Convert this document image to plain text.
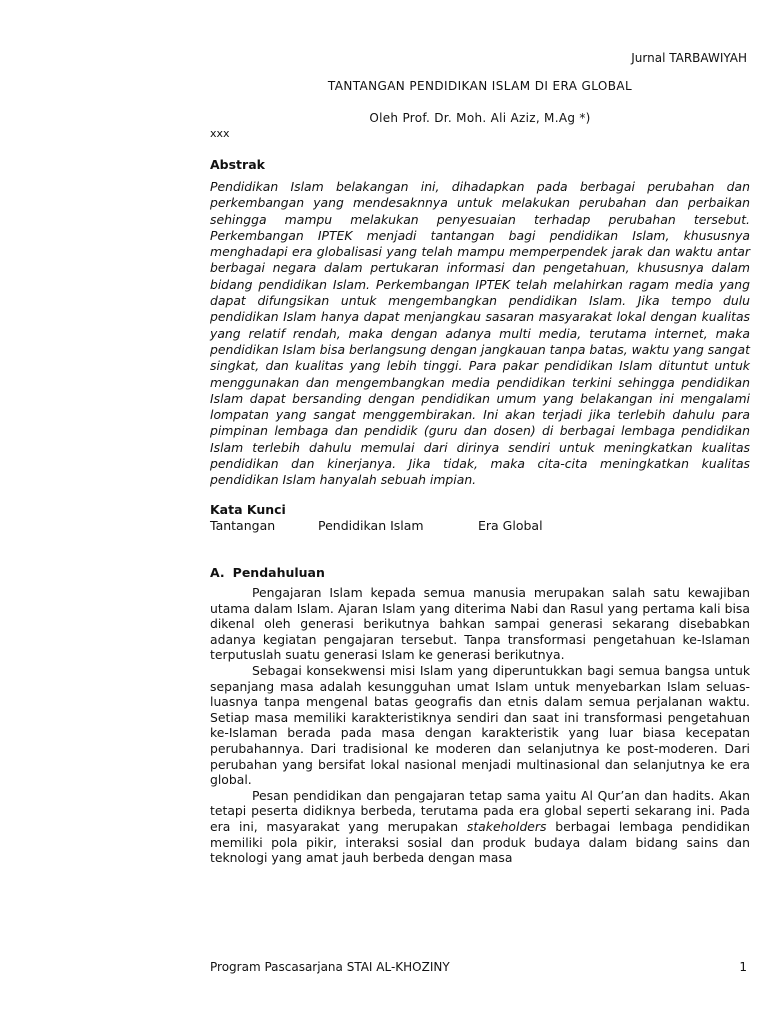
Jurnal TARBAWIYAH
TANTANGAN PENDIDIKAN ISLAM DI ERA GLOBAL
Oleh Prof. Dr. Moh. Ali Aziz, M.Ag *)
xxx
Abstrak

Pendidikan Islam belakangan ini, dihadapkan pada berbagai perubahan dan perkembangan yang mendesaknnya untuk melakukan perubahan dan perbaikan sehingga mampu melakukan penyesuaian terhadap perubahan tersebut. Perkembangan IPTEK menjadi tantangan bagi pendidikan Islam, khususnya menghadapi era globalisasi yang telah mampu memperpendek jarak dan waktu antar berbagai negara dalam pertukaran informasi dan pengetahuan, khususnya dalam bidang pendidikan Islam. Perkembangan IPTEK telah melahirkan ragam media yang dapat difungsikan untuk mengembangkan pendidikan Islam. Jika tempo dulu pendidikan Islam hanya dapat menjangkau sasaran masyarakat lokal dengan kualitas yang relatif rendah, maka dengan adanya multi media, terutama internet, maka pendidikan Islam bisa berlangsung dengan jangkauan tanpa batas, waktu yang sangat singkat, dan kualitas yang lebih tinggi. Para pakar pendidikan Islam dituntut untuk menggunakan dan mengembangkan media pendidikan terkini sehingga pendidikan Islam dapat bersanding dengan pendidikan umum yang belakangan ini mengalami lompatan yang sangat menggembirakan. Ini akan terjadi jika terlebih dahulu para pimpinan lembaga dan pendidik (guru dan dosen) di berbagai lembaga pendidikan Islam terlebih dahulu memulai dari dirinya sendiri untuk meningkatkan kualitas pendidikan dan kinerjanya. Jika tidak, maka cita-cita meningkatkan kualitas pendidikan Islam hanyalah sebuah impian.

Kata Kunci
Tantangan	Pendidikan Islam	Era Global
A. Pendahuluan

Pengajaran Islam kepada semua manusia merupakan salah satu kewajiban utama dalam Islam. Ajaran Islam yang diterima Nabi dan Rasul yang pertama kali bisa dikenal oleh generasi berikutnya bahkan sampai generasi sekarang disebabkan adanya kegiatan pengajaran tersebut. Tanpa transformasi pengetahuan ke-Islaman terputuslah suatu generasi Islam ke generasi berikutnya.

Sebagai konsekwensi misi Islam yang diperuntukkan bagi semua bangsa untuk sepanjang masa adalah kesungguhan umat Islam untuk menyebarkan Islam seluas-luasnya tanpa mengenal batas geografis dan etnis dalam semua perjalanan waktu. Setiap masa memiliki karakteristiknya sendiri dan saat ini transformasi pengetahuan ke-Islaman berada pada masa dengan karakteristik yang luar biasa kecepatan perubahannya. Dari tradisional ke moderen dan selanjutnya ke post-moderen. Dari perubahan yang bersifat lokal nasional menjadi multinasional dan selanjutnya ke era global.

Pesan pendidikan dan pengajaran tetap sama yaitu Al Qur’an dan hadits. Akan tetapi peserta didiknya berbeda, terutama pada era global seperti sekarang ini. Pada era ini, masyarakat yang merupakan stakeholders berbagai lembaga pendidikan memiliki pola pikir, interaksi sosial dan produk budaya dalam bidang sains dan teknologi yang amat jauh berbeda dengan masa

Program Pascasarjana STAI AL-KHOZINY	1
